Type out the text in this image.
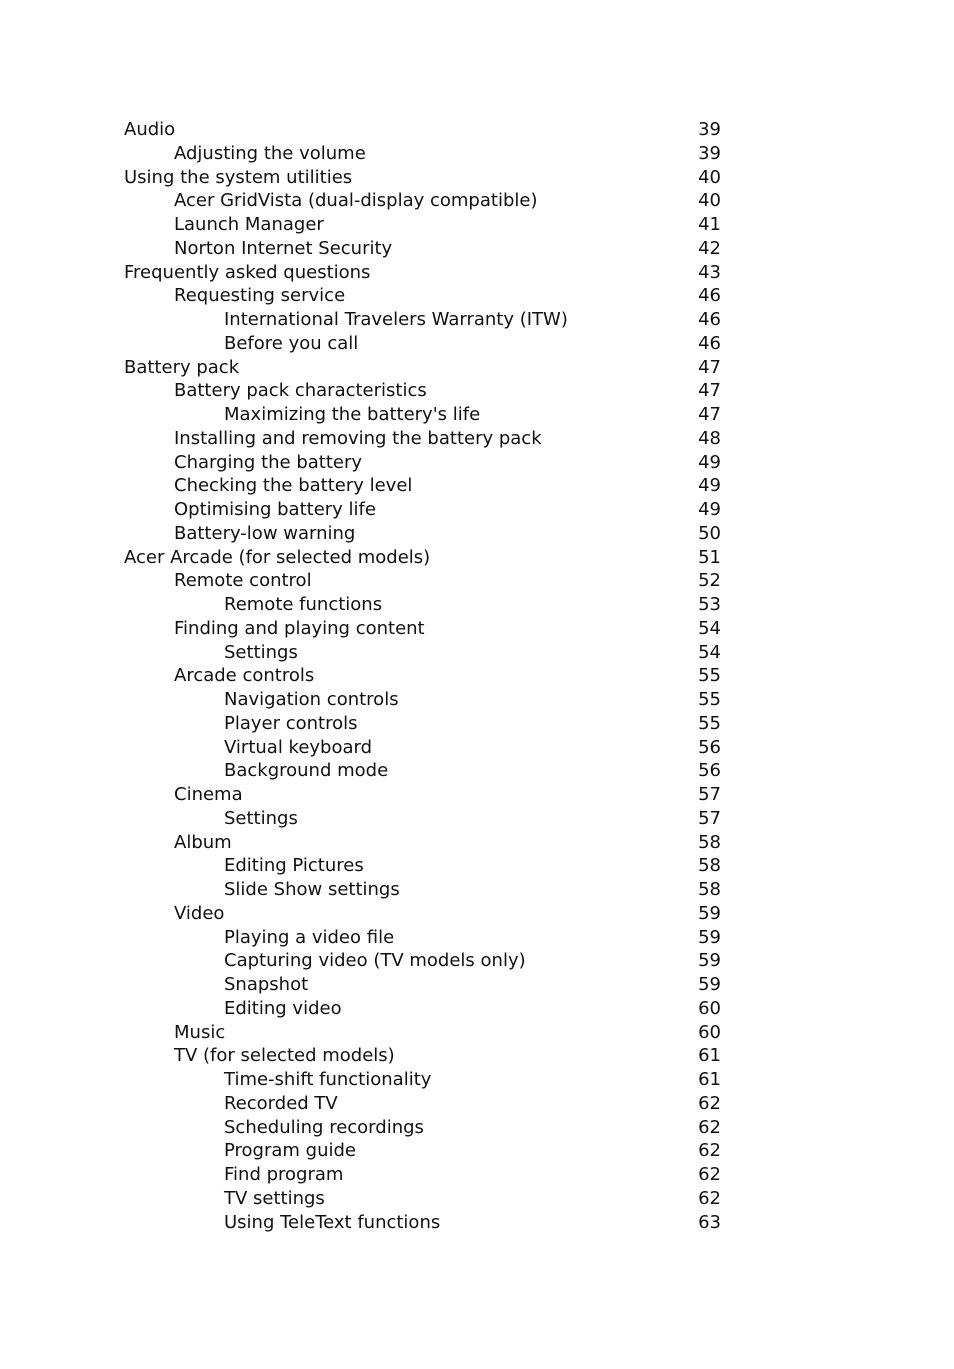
Audio	39
Adjusting the volume	39
Using the system utilities	40
Acer GridVista (dual-display compatible)	40
Launch Manager	41
Norton Internet Security	42
Frequently asked questions	43
Requesting service	46
International Travelers Warranty (ITW)	46
Before you call	46
Battery pack	47
Battery pack characteristics	47
Maximizing the battery's life	47
Installing and removing the battery pack	48
Charging the battery	49
Checking the battery level	49
Optimising battery life	49
Battery-low warning	50
Acer Arcade (for selected models)	51
Remote control	52
Remote functions	53
Finding and playing content	54
Settings	54
Arcade controls	55
Navigation controls	55
Player controls	55
Virtual keyboard	56
Background mode	56
Cinema	57
Settings	57
Album	58
Editing Pictures	58
Slide Show settings	58
Video	59
Playing a video file	59
Capturing video (TV models only)	59
Snapshot	59
Editing video	60
Music	60
TV (for selected models)	61
Time-shift functionality	61
Recorded TV	62
Scheduling recordings	62
Program guide	62
Find program	62
TV settings	62
Using TeleText functions	63
